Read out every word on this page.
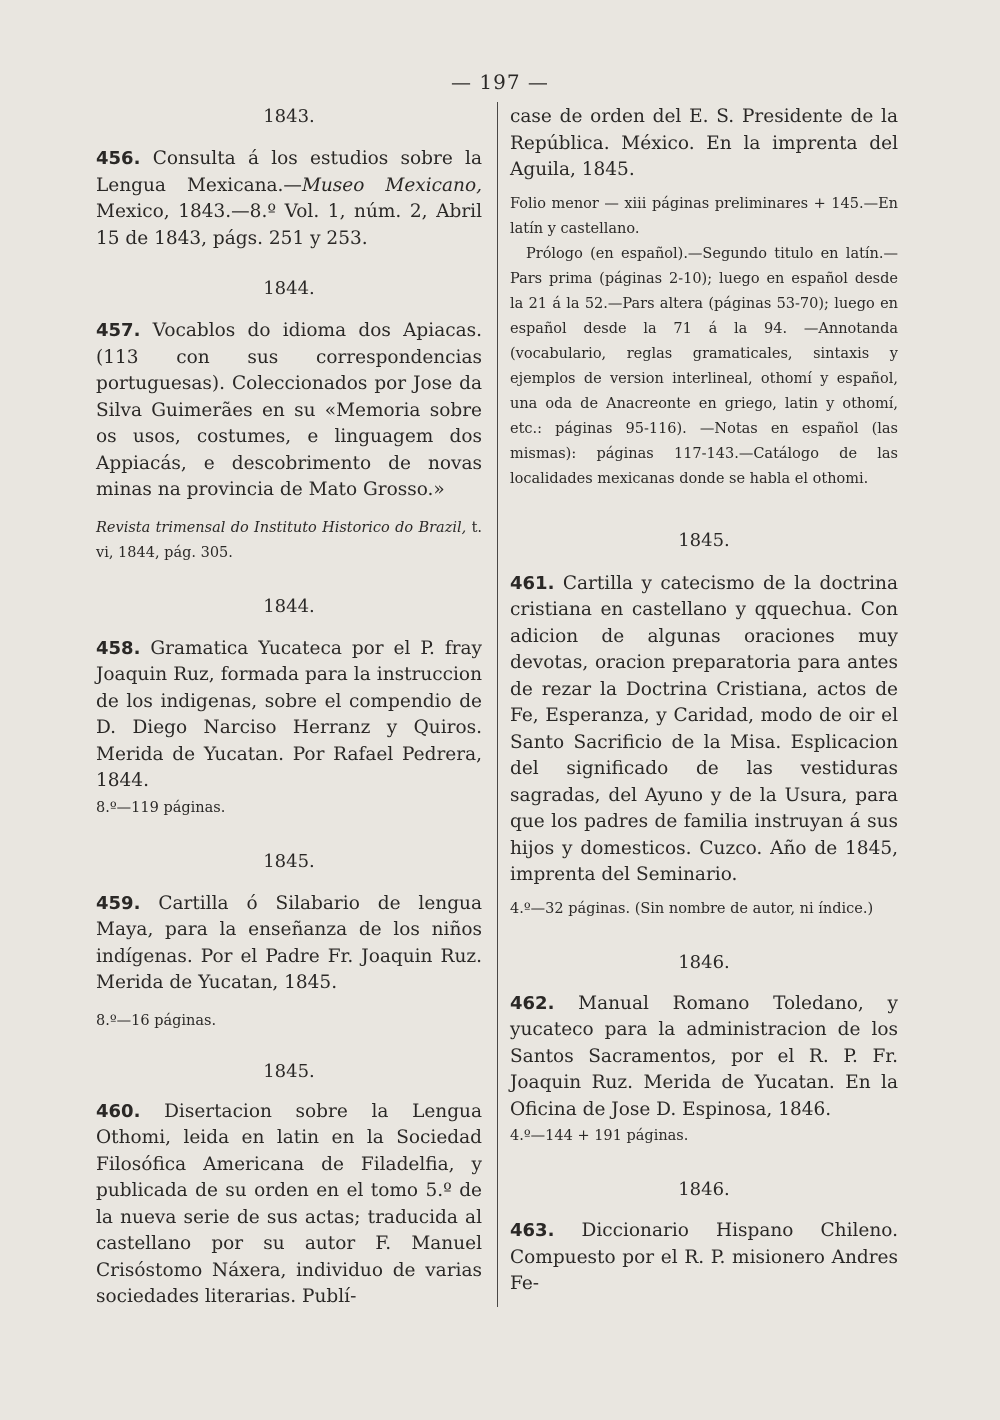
— 197 —

1843.

456. Consulta á los estudios sobre la Lengua Mexicana.—Museo Mexicano, Mexico, 1843.—8.º Vol. 1, núm. 2, Abril 15 de 1843, págs. 251 y 253.

1844.

457. Vocablos do idioma dos Apiacas. (113 con sus correspondencias portuguesas). Coleccionados por Jose da Silva Guimerães en su «Memoria sobre os usos, costumes, e linguagem dos Appiacás, e descobrimento de novas minas na provincia de Mato Grosso.»

Revista trimensal do Instituto Historico do Brazil, t. vi, 1844, pág. 305.

1844.

458. Gramatica Yucateca por el P. fray Joaquin Ruz, formada para la instruccion de los indigenas, sobre el compendio de D. Diego Narciso Herranz y Quiros. Merida de Yucatan. Por Rafael Pedrera, 1844.

8.º—119 páginas.

1845.

459. Cartilla ó Silabario de lengua Maya, para la enseñanza de los niños indígenas. Por el Padre Fr. Joaquin Ruz. Merida de Yucatan, 1845.

8.º—16 páginas.

1845.

460. Disertacion sobre la Lengua Othomi, leida en latin en la Sociedad Filosófica Americana de Filadelfia, y publicada de su orden en el tomo 5.º de la nueva serie de sus actas; traducida al castellano por su autor F. Manuel Crisóstomo Náxera, individuo de varias sociedades literarias. Publí-

case de orden del E. S. Presidente de la República. México. En la imprenta del Aguila, 1845.

Folio menor — xiii páginas preliminares + 145.—En latín y castellano.

Prólogo (en español).—Segundo titulo en latín.—Pars prima (páginas 2-10); luego en español desde la 21 á la 52.—Pars altera (páginas 53-70); luego en español desde la 71 á la 94. —Annotanda (vocabulario, reglas gramaticales, sintaxis y ejemplos de version interlineal, othomí y español, una oda de Anacreonte en griego, latin y othomí, etc.: páginas 95-116). —Notas en español (las mismas): páginas 117-143.—Catálogo de las localidades mexicanas donde se habla el othomi.

1845.

461. Cartilla y catecismo de la doctrina cristiana en castellano y qquechua. Con adicion de algunas oraciones muy devotas, oracion preparatoria para antes de rezar la Doctrina Cristiana, actos de Fe, Esperanza, y Caridad, modo de oir el Santo Sacrificio de la Misa. Esplicacion del significado de las vestiduras sagradas, del Ayuno y de la Usura, para que los padres de familia instruyan á sus hijos y domesticos. Cuzco. Año de 1845, imprenta del Seminario.

4.º—32 páginas. (Sin nombre de autor, ni índice.)

1846.

462. Manual Romano Toledano, y yucateco para la administracion de los Santos Sacramentos, por el R. P. Fr. Joaquin Ruz. Merida de Yucatan. En la Oficina de Jose D. Espinosa, 1846.

4.º—144 + 191 páginas.

1846.

463. Diccionario Hispano Chileno. Compuesto por el R. P. misionero Andres Fe-
